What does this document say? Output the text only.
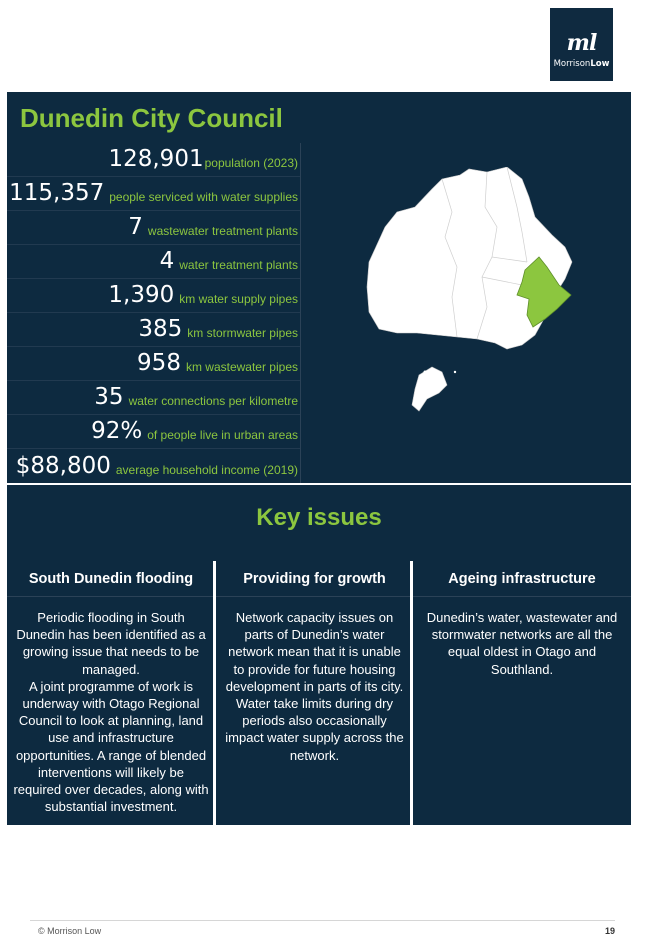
ml
MorrisonLow
Dunedin City Council
128,901 population (2023)
115,357 people serviced with water supplies
7 wastewater treatment plants
4 water treatment plants
1,390 km water supply pipes
385 km stormwater pipes
958 km wastewater pipes
35 water connections per kilometre
92% of people live in urban areas
$88,800 average household income (2019)
Key issues
South Dunedin flooding

Periodic flooding in South Dunedin has been identified as a growing issue that needs to be managed.

A joint programme of work is underway with Otago Regional Council to look at planning, land use and infrastructure opportunities. A range of blended interventions will likely be required over decades, along with substantial investment.

Providing for growth

Network capacity issues on parts of Dunedin’s water network mean that it is unable to provide for future housing development in parts of its city. Water take limits during dry periods also occasionally impact water supply across the network.

Ageing infrastructure

Dunedin’s water, wastewater and stormwater networks are all the equal oldest in Otago and Southland.

© Morrison Low	19
